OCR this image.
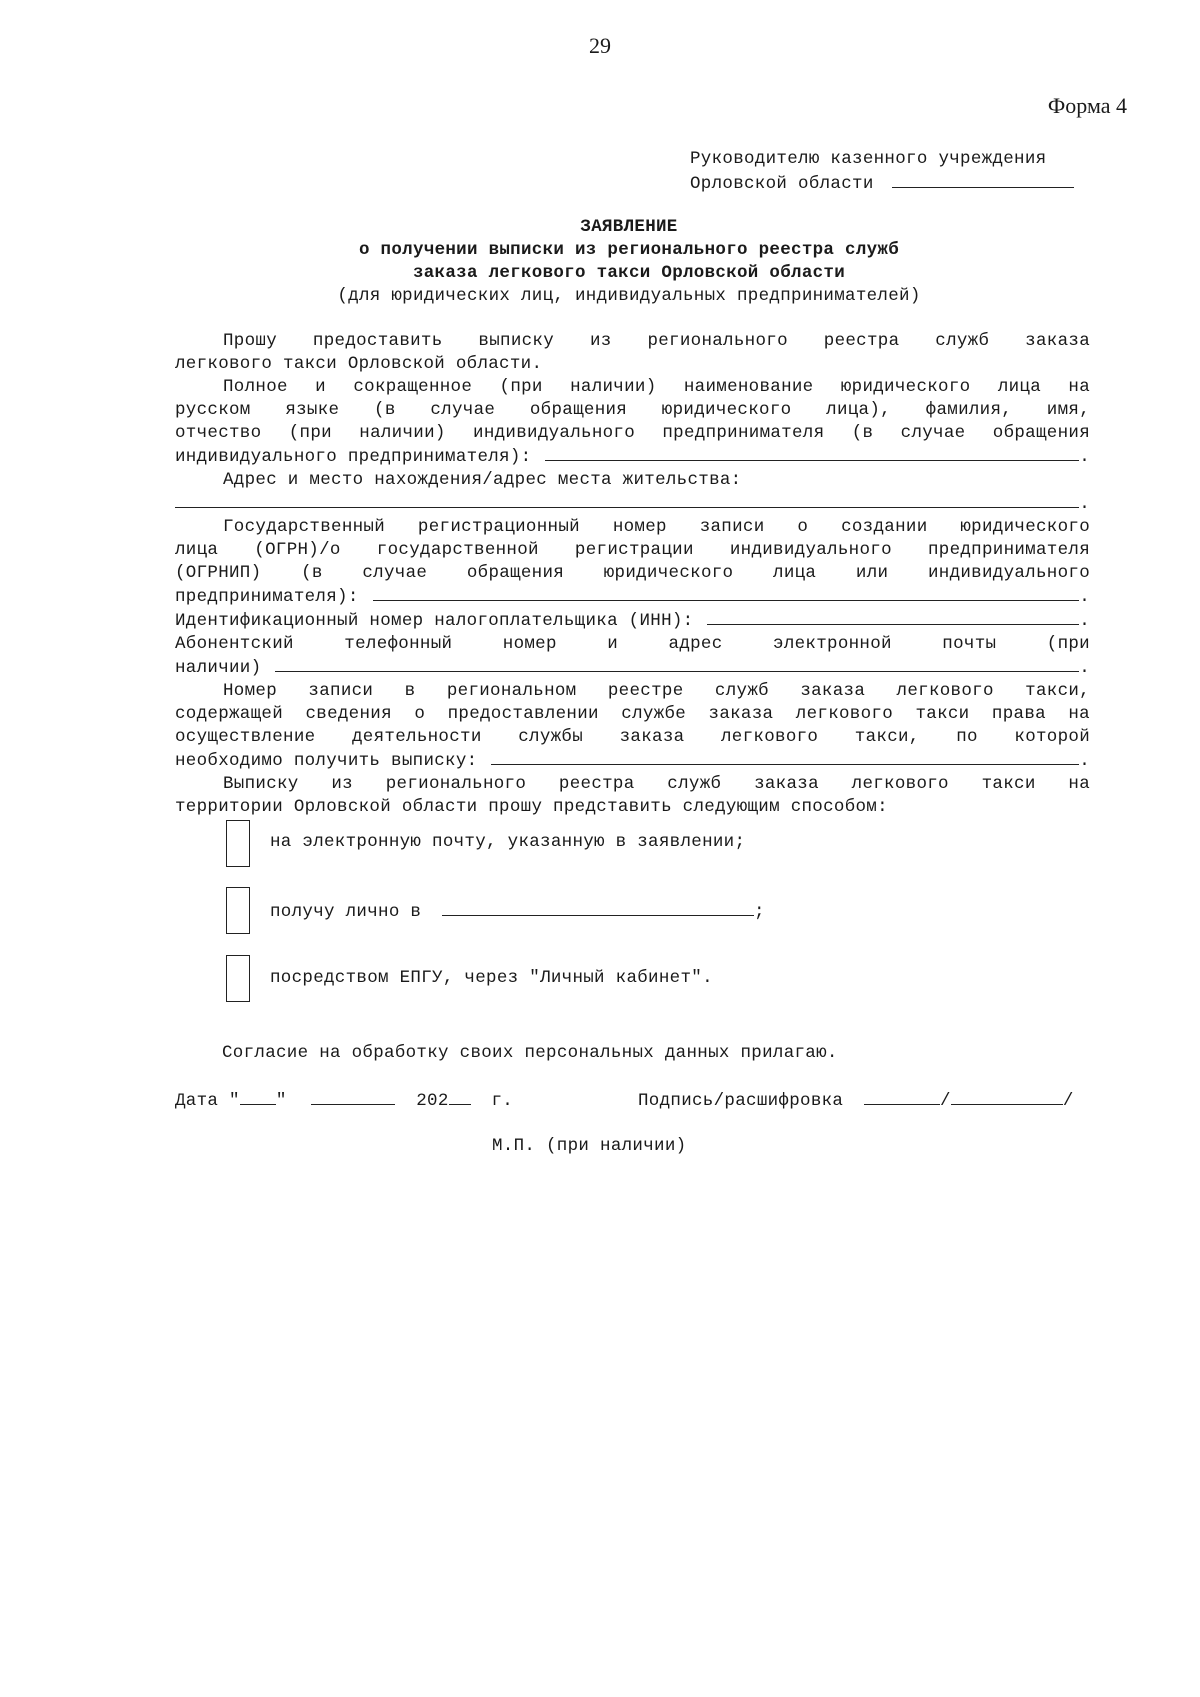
29
Форма 4
Руководителю казенного учреждения
Орловской области
ЗАЯВЛЕНИЕ
о получении выписки из регионального реестра служб
заказа легкового такси Орловской области
(для юридических лиц, индивидуальных предпринимателей)
Прошу предоставить выписку из регионального реестра служб заказа
легкового такси Орловской области.
Полное и сокращенное (при наличии) наименование юридического лица на
русском языке (в случае обращения юридического лица), фамилия, имя,
отчество (при наличии) индивидуального предпринимателя (в случае обращения
индивидуального предпринимателя):	.
Адрес и место нахождения/адрес места жительства:
.
Государственный регистрационный номер записи о создании юридического
лица (ОГРН)/о государственной регистрации индивидуального предпринимателя
(ОГРНИП) (в случае обращения юридического лица или индивидуального
предпринимателя):	.
Идентификационный номер налогоплательщика (ИНН):	.
Абонентский телефонный номер и адрес электронной почты (при
наличии)	.
Номер записи в региональном реестре служб заказа легкового такси,
содержащей сведения о предоставлении службе заказа легкового такси права на
осуществление деятельности службы заказа легкового такси, по которой
необходимо получить выписку:	.
Выписку из регионального реестра служб заказа легкового такси на
территории Орловской области прошу представить следующим способом:
на электронную почту, указанную в заявлении;
получу лично в	;
посредством ЕПГУ, через "Личный кабинет".
Согласие на обработку своих персональных данных прилагаю.
Дата " "	202 г.	Подпись/расшифровка	/	/
М.П. (при наличии)
